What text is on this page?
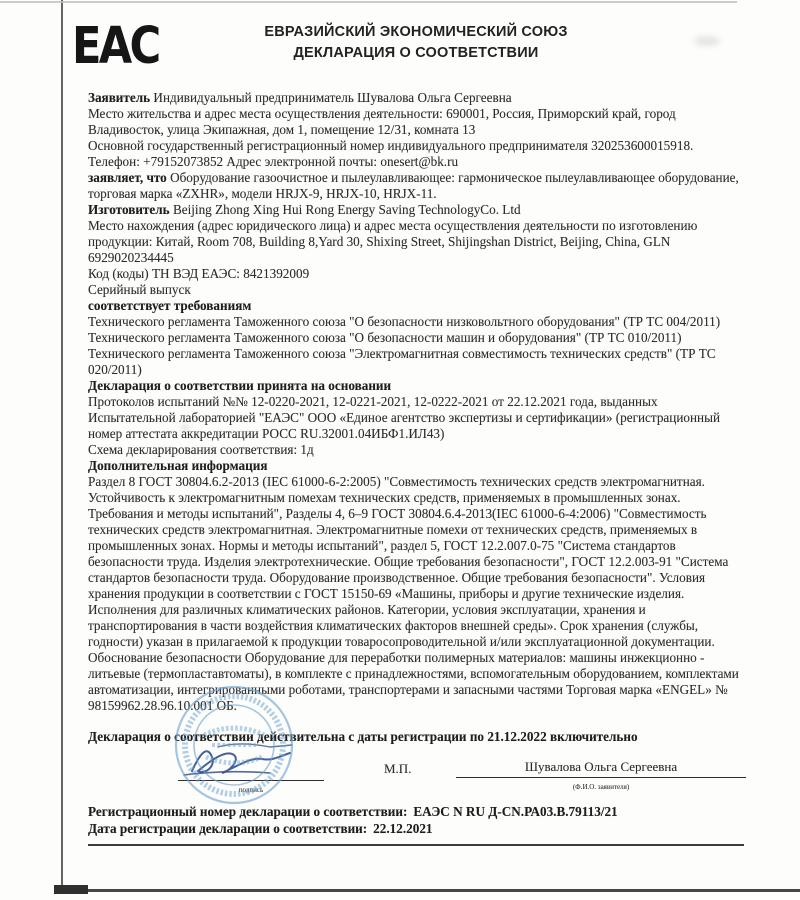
ЕАС	ЕВРАЗИЙСКИЙ ЭКОНОМИЧЕСКИЙ СОЮЗ
ДЕКЛАРАЦИЯ О СООТВЕТСТВИИ

Заявитель Индивидуальный предприниматель Шувалова Ольга Сергеевна

Место жительства и адрес места осуществления деятельности: 690001, Россия, Приморский край, город Владивосток, улица Экипажная, дом 1, помещение 12/31, комната 13

Основной государственный регистрационный номер индивидуального предпринимателя 320253600015918.

Телефон: +79152073852 Адрес электронной почты: onesert@bk.ru

заявляет, что Оборудование газоочистное и пылеулавливающее: гармоническое пылеулавливающее оборудование, торговая марка «ZXHR», модели HRJX-9, HRJX-10, HRJX-11.

Изготовитель Beijing Zhong Xing Hui Rong Energy Saving TechnologyCo. Ltd

Место нахождения (адрес юридического лица) и адрес места осуществления деятельности по изготовлению продукции: Китай, Room 708, Building 8,Yard 30, Shixing Street, Shijingshan District, Beijing, China, GLN 6929020234445

Код (коды) ТН ВЭД ЕАЭС: 8421392009

Серийный выпуск

соответствует требованиям

Технического регламента Таможенного союза "О безопасности низковольтного оборудования" (ТР ТС 004/2011)

Технического регламента Таможенного союза "О безопасности машин и оборудования" (ТР ТС 010/2011)

Технического регламента Таможенного союза "Электромагнитная совместимость технических средств" (ТР ТС 020/2011)

Декларация о соответствии принята на основании

Протоколов испытаний №№ 12-0220-2021, 12-0221-2021, 12-0222-2021 от 22.12.2021 года, выданных Испытательной лабораторией "ЕАЭС" ООО «Единое агентство экспертизы и сертификации» (регистрационный номер аттестата аккредитации РОСС RU.32001.04ИБФ1.ИЛ43)

Схема декларирования соответствия: 1д

Дополнительная информация

Раздел 8 ГОСТ 30804.6.2-2013 (IEC 61000-6-2:2005) "Совместимость технических средств электромагнитная. Устойчивость к электромагнитным помехам технических средств, применяемых в промышленных зонах. Требования и методы испытаний", Разделы 4, 6–9 ГОСТ 30804.6.4-2013(IEC 61000-6-4:2006) "Совместимость технических средств электромагнитная. Электромагнитные помехи от технических средств, применяемых в промышленных зонах. Нормы и методы испытаний", раздел 5, ГОСТ 12.2.007.0-75 "Система стандартов безопасности труда. Изделия электротехнические. Общие требования безопасности", ГОСТ 12.2.003-91 "Система стандартов безопасности труда. Оборудование производственное. Общие требования безопасности". Условия хранения продукции в соответствии с ГОСТ 15150-69 «Машины, приборы и другие технические изделия. Исполнения для различных климатических районов. Категории, условия эксплуатации, хранения и транспортирования в части воздействия климатических факторов внешней среды». Срок хранения (службы, годности) указан в прилагаемой к продукции товаросопроводительной и/или эксплуатационной документации. Обоснование безопасности Оборудование для переработки полимерных материалов: машины инжекционно - литьевые (термопластавтоматы), в комплекте с принадлежностями, вспомогательным оборудованием, комплектами автоматизации, интегрированными роботами, транспортерами и запасными частями Торговая марка «ENGEL» № 98159962.28.96.10.001 ОБ.

Декларация о соответствии действительна с даты регистрации по 21.12.2022 включительно

подпись
М.П.	Шувалова Ольга Сергеевна
(Ф.И.О. заявителя)

Регистрационный номер декларации о соответствии: ЕАЭС N RU Д-CN.РА03.В.79113/21

Дата регистрации декларации о соответствии: 22.12.2021
